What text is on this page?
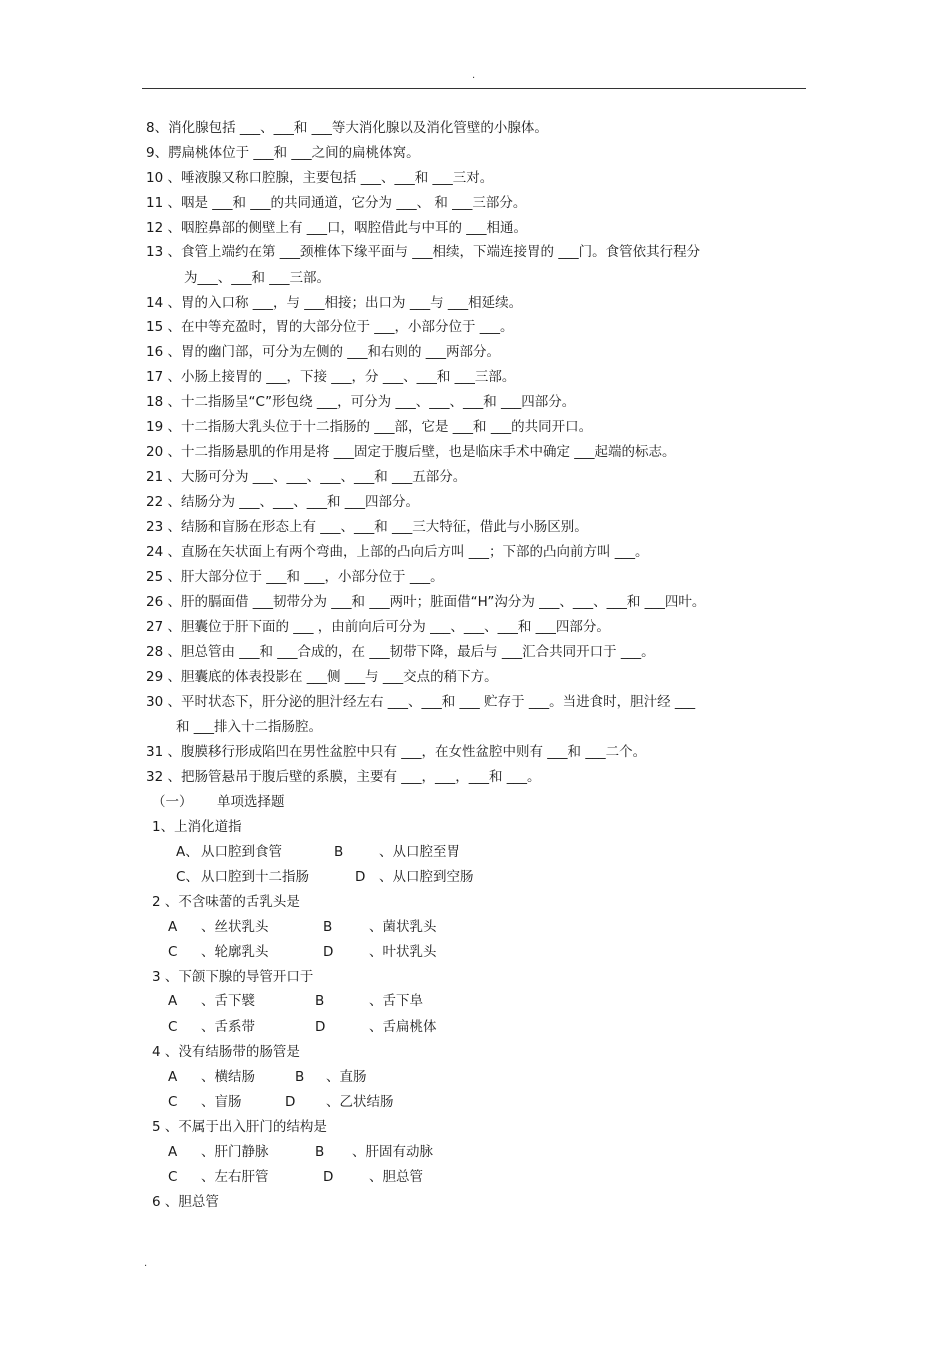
.
8、消化腺包括 ___、___和 ___等大消化腺以及消化管壁的小腺体。
9、腭扁桃体位于 ___和 ___之间的扁桃体窝。
10 、唾液腺又称口腔腺，主要包括 ___、___和 ___三对。
11 、咽是 ___和 ___的共同通道，它分为 ___、 和 ___三部分。
12 、咽腔鼻部的侧壁上有 ___口，咽腔借此与中耳的 ___相通。
13 、食管上端约在第 ___颈椎体下缘平面与 ___相续，下端连接胃的 ___门。食管依其行程分
为___、___和 ___三部。
14 、胃的入口称 ___，与 ___相接；出口为 ___与 ___相延续。
15 、在中等充盈时，胃的大部分位于 ___，小部分位于 ___。
16 、胃的幽门部，可分为左侧的 ___和右则的 ___两部分。
17 、小肠上接胃的 ___，下接 ___，分 ___、___和 ___三部。
18 、十二指肠呈“C”形包绕 ___，可分为 ___、___、___和 ___四部分。
19 、十二指肠大乳头位于十二指肠的 ___部，它是 ___和 ___的共同开口。
20 、十二指肠悬肌的作用是将 ___固定于腹后壁，也是临床手术中确定 ___起端的标志。
21 、大肠可分为 ___、___、___、___和 ___五部分。
22 、结肠分为 ___、___、___和 ___四部分。
23 、结肠和盲肠在形态上有 ___、___和 ___三大特征，借此与小肠区别。
24 、直肠在矢状面上有两个弯曲，上部的凸向后方叫 ___；下部的凸向前方叫 ___。
25 、肝大部分位于 ___和 ___，小部分位于 ___。
26 、肝的膈面借 ___韧带分为 ___和 ___两叶；脏面借“H”沟分为 ___、___、___和 ___四叶。
27 、胆囊位于肝下面的 ___ ，由前向后可分为 ___、___、___和 ___四部分。
28 、胆总管由 ___和 ___合成的，在 ___韧带下降，最后与 ___汇合共同开口于 ___。
29 、胆囊底的体表投影在 ___侧 ___与 ___交点的稍下方。
30 、平时状态下，肝分泌的胆汁经左右 ___、___和 ___ 贮存于 ___。当进食时，胆汁经 ___
和 ___排入十二指肠腔。
31 、腹膜移行形成陷凹在男性盆腔中只有 ___，在女性盆腔中则有 ___和 ___二个。
32 、把肠管悬吊于腹后壁的系膜，主要有 ___，___，___和 ___。
（一） 单项选择题
1、上消化道指
A、 从口腔到食管	B	、从口腔至胃
C、 从口腔到十二指肠	D 、从口腔到空肠
2 、不含味蕾的舌乳头是
A 、丝状乳头	B	、菌状乳头
C 、轮廓乳头	D	、叶状乳头
3 、下颌下腺的导管开口于
A 、舌下襞	B	、舌下阜
C 、舌系带	D	、舌扁桃体
4 、没有结肠带的肠管是
A 、横结肠	B 、直肠
C 、盲肠	D 、乙状结肠
5 、不属于出入肝门的结构是
A 、肝门静脉	B 、肝固有动脉
C 、左右肝管	D	、胆总管
6 、胆总管
.
